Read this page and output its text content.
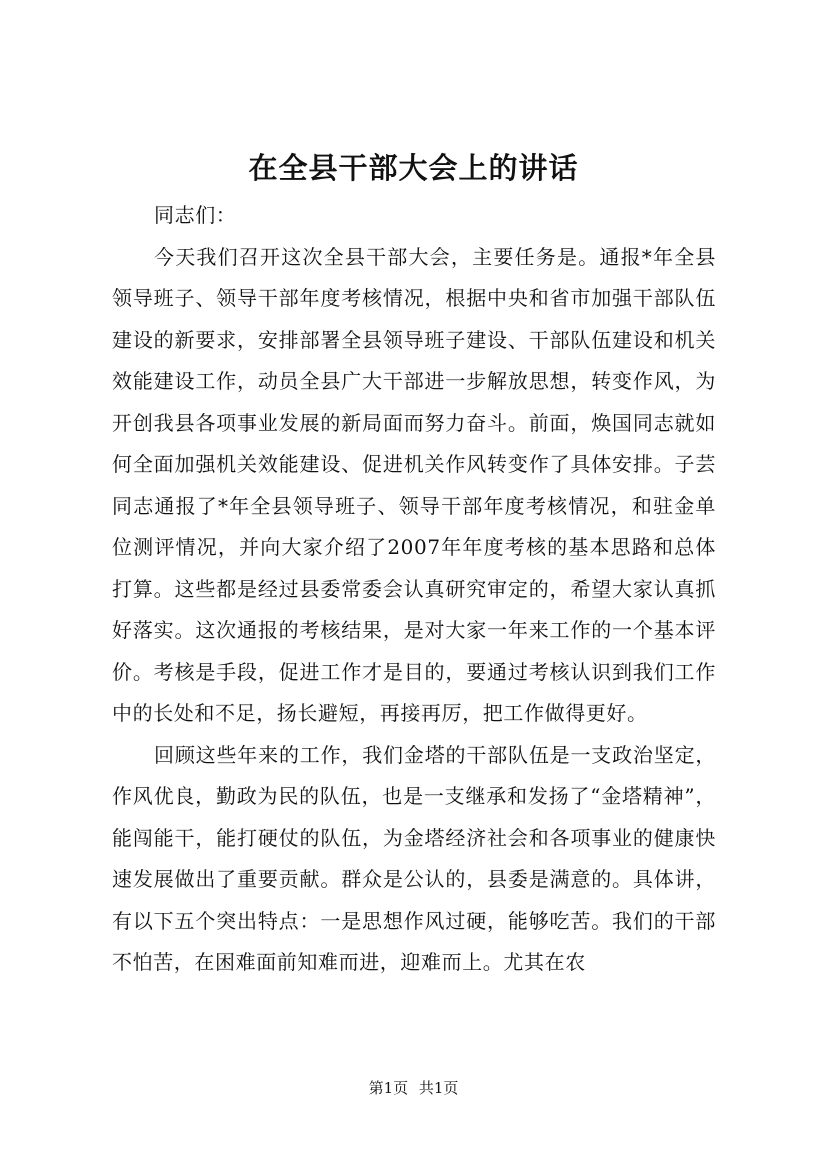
在全县干部大会上的讲话

同志们：

今天我们召开这次全县干部大会，主要任务是。通报*年全县领导班子、领导干部年度考核情况，根据中央和省市加强干部队伍建设的新要求，安排部署全县领导班子建设、干部队伍建设和机关效能建设工作，动员全县广大干部进一步解放思想，转变作风，为开创我县各项事业发展的新局面而努力奋斗。前面，焕国同志就如何全面加强机关效能建设、促进机关作风转变作了具体安排。子芸同志通报了*年全县领导班子、领导干部年度考核情况，和驻金单位测评情况，并向大家介绍了2007年年度考核的基本思路和总体打算。这些都是经过县委常委会认真研究审定的，希望大家认真抓好落实。这次通报的考核结果，是对大家一年来工作的一个基本评价。考核是手段，促进工作才是目的，要通过考核认识到我们工作中的长处和不足，扬长避短，再接再厉，把工作做得更好。

回顾这些年来的工作，我们金塔的干部队伍是一支政治坚定，作风优良，勤政为民的队伍，也是一支继承和发扬了“金塔精神”，能闯能干，能打硬仗的队伍，为金塔经济社会和各项事业的健康快速发展做出了重要贡献。群众是公认的，县委是满意的。具体讲，有以下五个突出特点：一是思想作风过硬，能够吃苦。我们的干部不怕苦，在困难面前知难而进，迎难而上。尤其在农

第1页 共1页
